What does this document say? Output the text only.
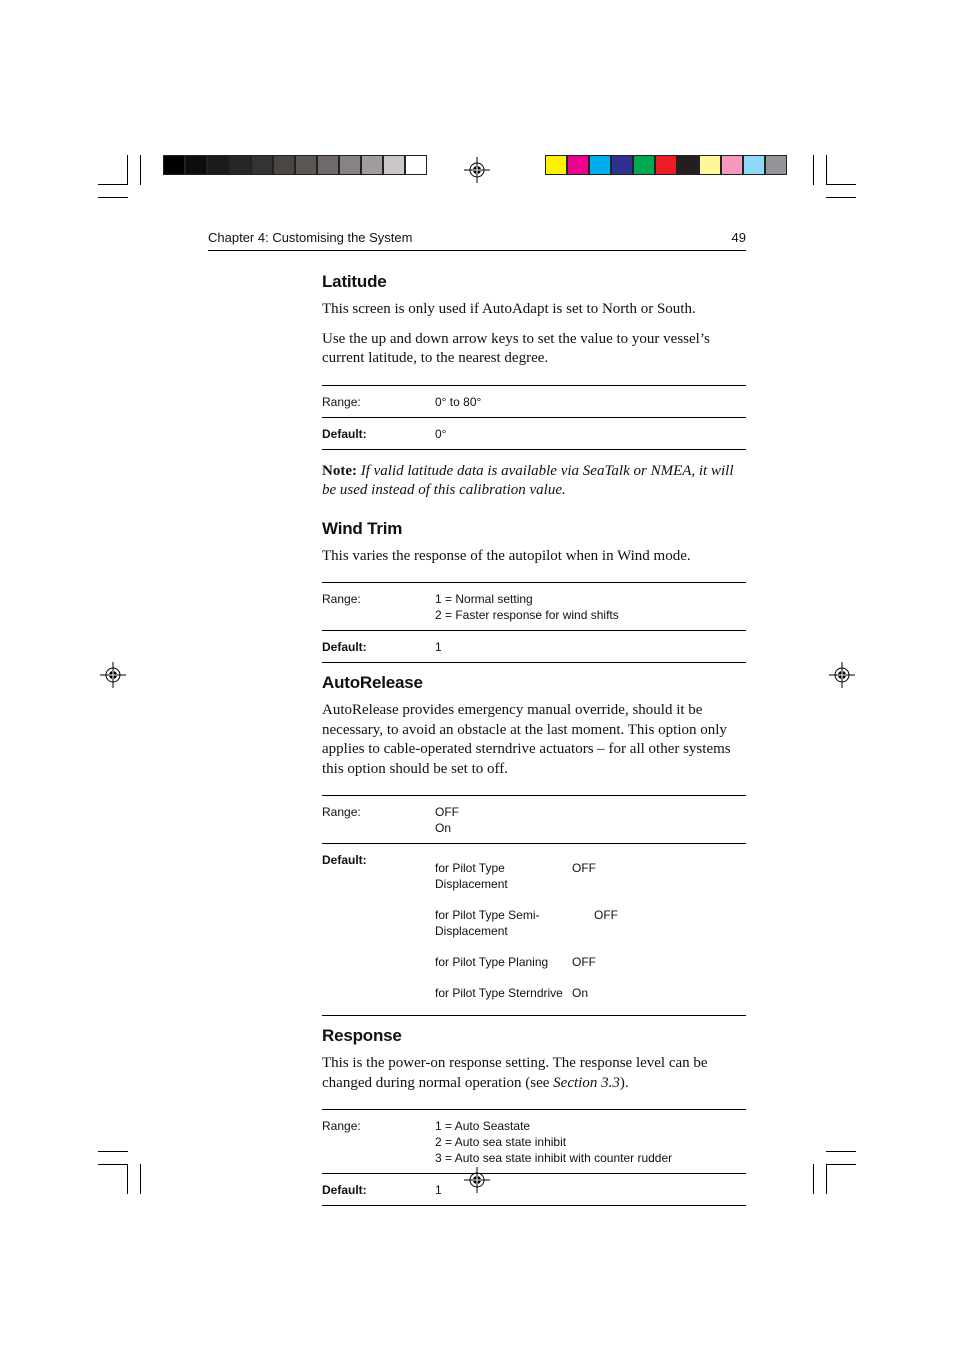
Chapter 4: Customising the System	49
Latitude

This screen is only used if AutoAdapt is set to North or South.

Use the up and down arrow keys to set the value to your vessel’s current latitude, to the nearest degree.

Range:	0° to 80°
Default:	0°
Note: If valid latitude data is available via SeaTalk or NMEA, it will be used instead of this calibration value.
Wind Trim

This varies the response of the autopilot when in Wind mode.

Range:	1 = Normal setting
2 = Faster response for wind shifts

Default:	1
AutoRelease

AutoRelease provides emergency manual override, should it be necessary, to avoid an obstacle at the last moment. This option only applies to cable-operated sterndrive actuators – for all other systems this option should be set to off.

Range:	OFF
On

Default:	
for Pilot Type Displacement	OFF
for Pilot Type Semi-Displacement	OFF
for Pilot Type Planing	OFF
for Pilot Type Sterndrive	On
Response

This is the power-on response setting. The response level can be changed during normal operation (see Section 3.3).

Range:	1 = Auto Seastate
2 = Auto sea state inhibit
3 = Auto sea state inhibit with counter rudder

Default:	1
